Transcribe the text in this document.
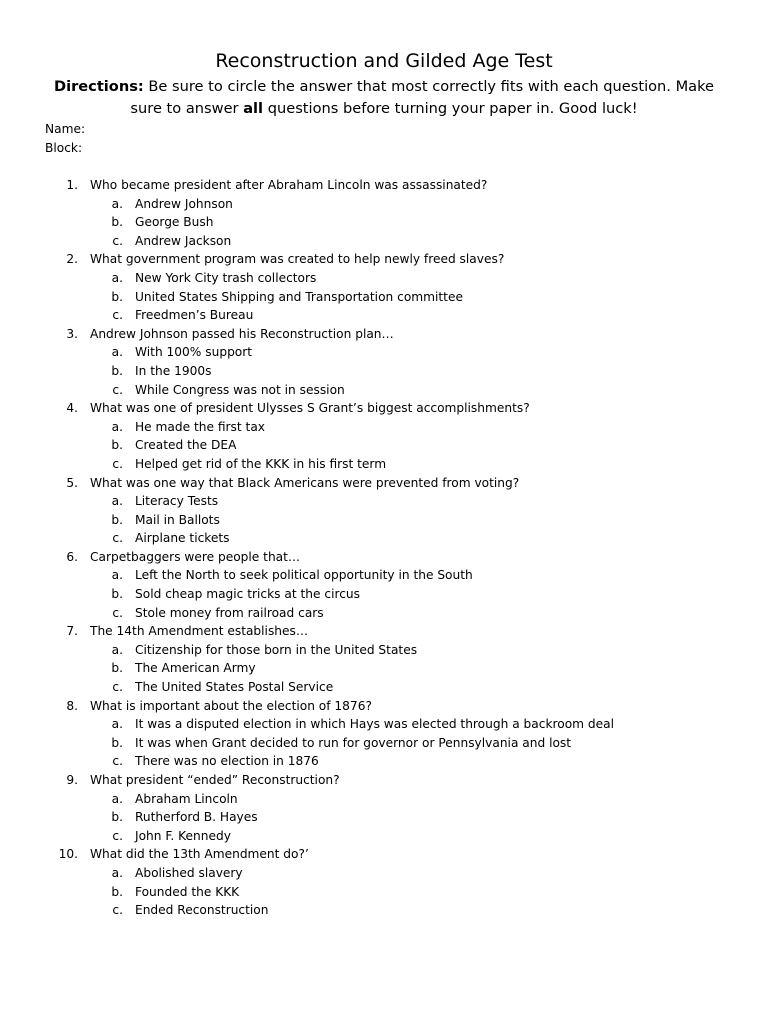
Reconstruction and Gilded Age Test
Directions: Be sure to circle the answer that most correctly fits with each question. Make sure to answer all questions before turning your paper in. Good luck!
Name:
Block:
1. Who became president after Abraham Lincoln was assassinated?
a. Andrew Johnson
b. George Bush
c. Andrew Jackson
2. What government program was created to help newly freed slaves?
a. New York City trash collectors
b. United States Shipping and Transportation committee
c. Freedmen’s Bureau
3. Andrew Johnson passed his Reconstruction plan…
a. With 100% support
b. In the 1900s
c. While Congress was not in session
4. What was one of president Ulysses S Grant’s biggest accomplishments?
a. He made the first tax
b. Created the DEA
c. Helped get rid of the KKK in his first term
5. What was one way that Black Americans were prevented from voting?
a. Literacy Tests
b. Mail in Ballots
c. Airplane tickets
6. Carpetbaggers were people that…
a. Left the North to seek political opportunity in the South
b. Sold cheap magic tricks at the circus
c. Stole money from railroad cars
7. The 14th Amendment establishes…
a. Citizenship for those born in the United States
b. The American Army
c. The United States Postal Service
8. What is important about the election of 1876?
a. It was a disputed election in which Hays was elected through a backroom deal
b. It was when Grant decided to run for governor or Pennsylvania and lost
c. There was no election in 1876
9. What president “ended” Reconstruction?
a. Abraham Lincoln
b. Rutherford B. Hayes
c. John F. Kennedy
10. What did the 13th Amendment do?’
a. Abolished slavery
b. Founded the KKK
c. Ended Reconstruction
